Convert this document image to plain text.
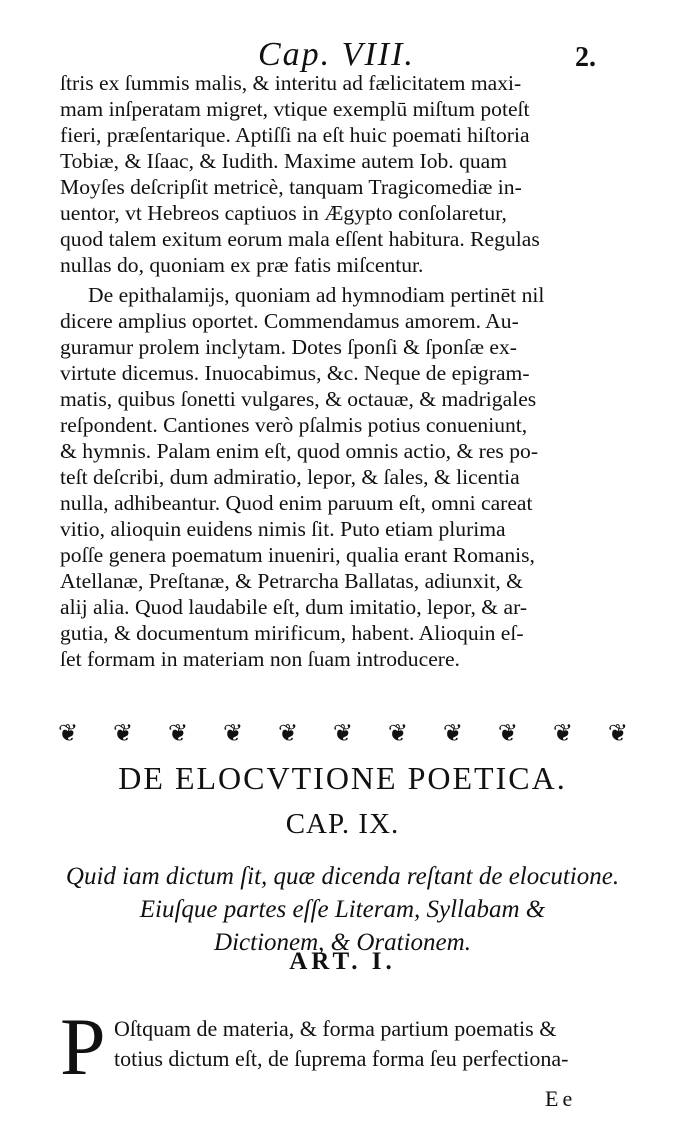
Cap. VIII.	2.
ſtris ex ſummis malis, & interitu ad fælicitatem maxi-
mam inſperatam migret, vtique exemplū miſtum poteſt
fieri, præſentarique. Aptiſſi na eſt huic poemati hiſtoria
Tobiæ, & Iſaac, & Iudith. Maxime autem Iob. quam
Moyſes deſcripſit metricè, tanquam Tragicomediæ in-
uentor, vt Hebreos captiuos in Ægypto conſolaretur,
quod talem exitum eorum mala eſſent habitura. Regulas
nullas do, quoniam ex præ fatis miſcentur.
De epithalamijs, quoniam ad hymnodiam pertinēt nil
dicere amplius oportet. Commendamus amorem. Au-
guramur prolem inclytam. Dotes ſponſi & ſponſæ ex-
virtute dicemus. Inuocabimus, &c. Neque de epigram-
matis, quibus ſonetti vulgares, & octauæ, & madrigales
reſpondent. Cantiones verò pſalmis potius conueniunt,
& hymnis. Palam enim eſt, quod omnis actio, & res po-
teſt deſcribi, dum admiratio, lepor, & ſales, & licentia
nulla, adhibeantur. Quod enim paruum eſt, omni careat
vitio, alioquin euidens nimis ſit. Puto etiam plurima
poſſe genera poematum inueniri, qualia erant Romanis,
Atellanæ, Preſtanæ, & Petrarcha Ballatas, adiunxit, &
alij alia. Quod laudabile eſt, dum imitatio, lepor, & ar-
gutia, & documentum mirificum, habent. Alioquin eſ-
ſet formam in materiam non ſuam introducere.
❦ ❦ ❦ ❦ ❦ ❦ ❦ ❦ ❦ ❦ ❦
DE ELOCVTIONE POETICA.
CAP. IX.
Quid iam dictum ſit, quæ dicenda reſtant de elocutione.
Eiuſque partes eſſe Literam, Syllabam &
Dictionem, & Orationem.
ART. I.
P Oſtquam de materia, & forma partium poematis &
totius dictum eſt, de ſuprema forma ſeu perfectiona-
Ee
